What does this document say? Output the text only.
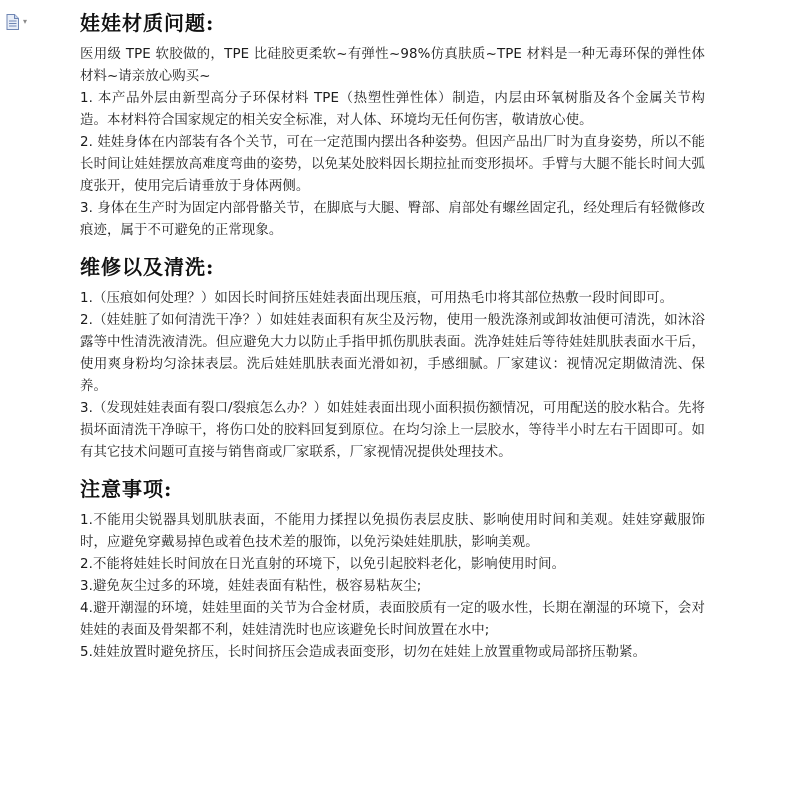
▾	娃娃材质问题:

医用级 TPE 软胶做的，TPE 比硅胶更柔软~有弹性~98%仿真肤质~TPE 材料是一种无毒环保的弹性体材料~请亲放心购买~

1. 本产品外层由新型高分子环保材料 TPE（热塑性弹性体）制造，内层由环氧树脂及各个金属关节构造。本材料符合国家规定的相关安全标准，对人体、环境均无任何伤害，敬请放心使。

2. 娃娃身体在内部装有各个关节，可在一定范围内摆出各种姿势。但因产品出厂时为直身姿势，所以不能长时间让娃娃摆放高难度弯曲的姿势，以免某处胶料因长期拉扯而变形损坏。手臂与大腿不能长时间大弧度张开，使用完后请垂放于身体两侧。

3. 身体在生产时为固定内部骨骼关节，在脚底与大腿、臀部、肩部处有螺丝固定孔，经处理后有轻微修改痕迹，属于不可避免的正常现象。

维修以及清洗:

1.（压痕如何处理？）如因长时间挤压娃娃表面出现压痕，可用热毛巾将其部位热敷一段时间即可。

2.（娃娃脏了如何清洗干净？）如娃娃表面积有灰尘及污物，使用一般洗涤剂或卸妆油便可清洗，如沐浴露等中性清洗液清洗。但应避免大力以防止手指甲抓伤肌肤表面。洗净娃娃后等待娃娃肌肤表面水干后，使用爽身粉均匀涂抹表层。洗后娃娃肌肤表面光滑如初，手感细腻。厂家建议：视情况定期做清洗、保养。

3.（发现娃娃表面有裂口/裂痕怎么办？）如娃娃表面出现小面积损伤额情况，可用配送的胶水粘合。先将损坏面清洗干净晾干，将伤口处的胶料回复到原位。在均匀涂上一层胶水，等待半小时左右干固即可。如有其它技术问题可直接与销售商或厂家联系，厂家视情况提供处理技术。

注意事项:

1.不能用尖锐器具划肌肤表面，不能用力揉捏以免损伤表层皮肤、影响使用时间和美观。娃娃穿戴服饰时，应避免穿戴易掉色或着色技术差的服饰，以免污染娃娃肌肤，影响美观。

2.不能将娃娃长时间放在日光直射的环境下，以免引起胶料老化，影响使用时间。

3.避免灰尘过多的环境，娃娃表面有粘性，极容易粘灰尘;

4.避开潮湿的环境，娃娃里面的关节为合金材质，表面胶质有一定的吸水性，长期在潮湿的环境下，会对娃娃的表面及骨架都不利，娃娃清洗时也应该避免长时间放置在水中;

5.娃娃放置时避免挤压，长时间挤压会造成表面变形，切勿在娃娃上放置重物或局部挤压勒紧。
